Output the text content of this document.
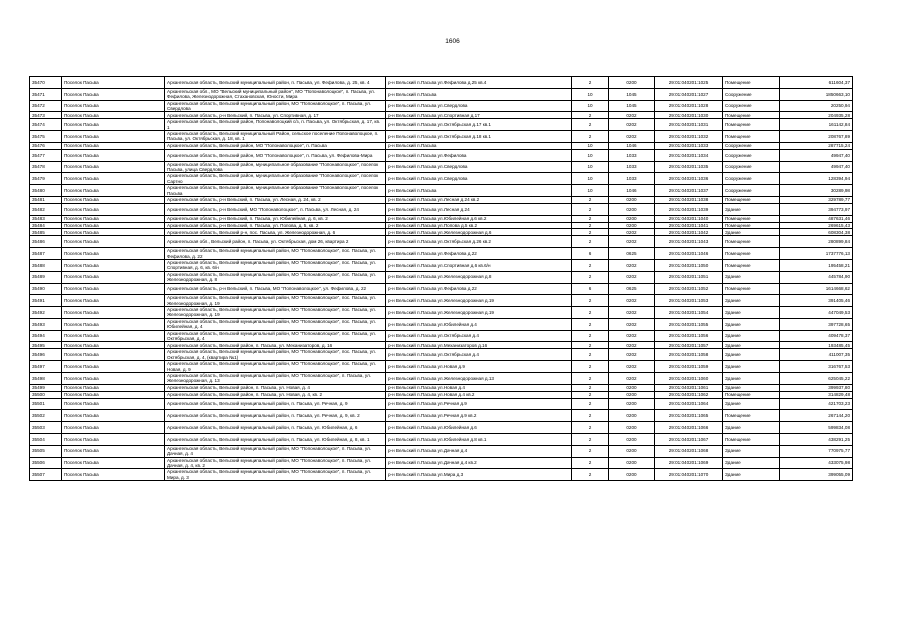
1606
35470	Поселок Пасьва	Архангельская область, Вельский муниципальный район, п. Пасьва, ул. Фефилова, д. 25, кв. 4	р-н Вельский п.Пасьва ул.Фефилова д.25 кв.4	2	0200	29:01:040201:1025	Помещение	611604,37
35471	Поселок Пасьва	Архангельская обл., МО "Вельский муниципальный район", МО "Попонаволоцкое", п. Пасьва, ул. Фефилова, Железнодорожная, Стахановская, Юности, Мира	р-н Вельский п.Пасьва	10	1045	29:01:040201:1027	Сооружение	1850663,10
35472	Поселок Пасьва	Архангельская область, Вельский муниципальный район, МО "Попонаволоцкое", п. Пасьва, ул. Свердлова	р-н Вельский п.Пасьва ул.Свердлова	10	1045	29:01:040201:1028	Сооружение	20250,94
35473	Поселок Пасьва	Архангельская область, р-н Вельский, п. Пасьва, ул. Спортивная, д. 17	р-н Вельский п.Пасьва ул.Спортивная д.17	2	0202	29:01:040201:1030	Помещение	204935,28
35474	Поселок Пасьва	Архангельская область, Вельский район, Попонаволоцкий с/з, п. Пасьва, ул. Октябрьская, д. 17, кв. 1	р-н Вельский п.Пасьва ул.Октябрьская д.17 кв.1	2	0202	29:01:040201:1031	Помещение	161142,84
35475	Поселок Пасьва	Архангельская область, Вельский муниципальный Район, сельское поселение Попонаволоцкое, п. Пасьва, ул. Октябрьская, д. 18, кв. 1	р-н Вельский п.Пасьва ул.Октябрьская д.18 кв.1	2	0202	29:01:040201:1032	Помещение	208767,89
35476	Поселок Пасьва	Архангельская область, Вельский район, МО "Попонаволоцкое", п. Пасьва	р-н Вельский п.Пасьва	10	1046	29:01:040201:1033	Сооружение	287715,24
35477	Поселок Пасьва	Архангельская область, Вельский район, МО "Попонаволоцкое", п. Пасьва, ул. Фефилова-Мира	р-н Вельский п.Пасьва ул.Фефилова	10	1033	29:01:040201:1034	Сооружение	49947,40
35478	Поселок Пасьва	Архангельская область, Вельский район, муниципальное образование "Попонаволоцкое", поселок Пасьва, улица Свердлова	р-н Вельский п.Пасьва ул.Свердлова	10	1033	29:01:040201:1035	Сооружение	49947,40
35479	Поселок Пасьва	Архангельская область, Вельский район, муниципальное образование "Попонаволоцкое", поселок Сартно	р-н Вельский п.Пасьва ул.Свердлова	10	1033	29:01:040201:1036	Сооружение	128394,94
35480	Поселок Пасьва	Архангельская область, Вельский район, муниципальное образование "Попонаволоцкое", поселок Пасьва	р-н Вельский п.Пасьва	10	1046	29:01:040201:1037	Сооружение	30289,98
35481	Поселок Пасьва	Архангельская область, р-н Вельский, п. Пасьва, ул. Лесная, д. 24, кв. 2	р-н Вельский п.Пасьва ул.Лесная д.24 кв.2	2	0200	29:01:040201:1038	Помещение	329789,77
35482	Поселок Пасьва	Архангельская область, р-н Вельский, МО "Попонаволоцкое", п. Пасьва, ул. Лесная, д. 24	р-н Вельский п.Пасьва ул.Лесная д.24	2	0200	29:01:040201:1039	Здание	394773,97
35483	Поселок Пасьва	Архангельская область, р-н Вельский, п. Пасьва, ул. Юбилейная, д. 6, кв. 2	р-н Вельский п.Пасьва ул.Юбилейная д.6 кв.2	2	0200	29:01:040201:1040	Помещение	487631,46
35484	Поселок Пасьва	Архангельская область, р-н Вельский, п. Пасьва, ул. Попова, д. 5, кв. 2	р-н Вельский п.Пасьва ул.Попова д.5 кв.2	2	0200	29:01:040201:1041	Помещение	269615,43
35485	Поселок Пасьва	Архангельская область, Вельский р-н, пос. Пасьва, ул. Железнодорожная, д. 6	р-н Вельский п.Пасьва ул.Железнодорожная д.6	2	0202	29:01:040201:1042	Здание	608304,38
35486	Поселок Пасьва	Архангельская обл., Вельский район, п. Пасьва, ул. Октябрьская, дом 26, квартира 2	р-н Вельский п.Пасьва ул.Октябрьская д.26 кв.2	2	0202	29:01:040201:1043	Помещение	280899,84
35487	Поселок Пасьва	Архангельская область, Вельский муниципальный район, МО "Попонаволоцкое", пос. Пасьва, ул. Фефилова, д. 22	р-н Вельский п.Пасьва ул.Фефилова д.22	6	0625	29:01:040201:1046	Помещение	1737776,13
35488	Поселок Пасьва	Архангельская область, Вельский муниципальный район, МО "Попонаволоцкое", пос. Пасьва, ул. Спортивная, д. 6, кв. 6/н	р-н Вельский п.Пасьва ул.Спортивная д.6 кв.6/н	2	0202	29:01:040201:1050	Помещение	195458,21
35489	Поселок Пасьва	Архангельская область, Вельский муниципальный район, МО "Попонаволоцкое", пос. Пасьва, ул. Железнодорожная, д. 8	р-н Вельский п.Пасьва ул.Железнодорожная д.8	2	0202	29:01:040201:1051	Здание	445784,90
35490	Поселок Пасьва	Архангельская область, р-н Вельский, п. Пасьва, МО "Попонаволоцкое", ул. Фефилова, д. 22	р-н Вельский п.Пасьва ул.Фефилова д.22	6	0625	29:01:040201:1052	Помещение	1614668,62
35491	Поселок Пасьва	Архангельская область, Вельский муниципальный район, МО "Попонаволоцкое", пос. Пасьва, ул. Железнодорожная, д. 19	р-н Вельский п.Пасьва ул.Железнодорожная д.19	2	0202	29:01:040201:1053	Здание	391405,46
35492	Поселок Пасьва	Архангельская область, Вельский муниципальный район, МО "Попонаволоцкое", пос. Пасьва, ул. Железнодорожная, д. 19	р-н Вельский п.Пасьва ул.Железнодорожная д.19	2	0202	29:01:040201:1054	Здание	447049,53
35493	Поселок Пасьва	Архангельская область, Вельский муниципальный район, МО "Попонаволоцкое", пос. Пасьва, ул. Юбилейная, д. 4	р-н Вельский п.Пасьва ул.Юбилейная д.4	2	0202	29:01:040201:1055	Здание	397728,65
35494	Поселок Пасьва	Архангельская область, Вельский муниципальный район, МО "Попонаволоцкое", пос. Пасьва, ул. Октябрьская, д. 4	р-н Вельский п.Пасьва ул.Октябрьская д.4	2	0202	29:01:040201:1056	Здание	409478,37
35495	Поселок Пасьва	Архангельская область, Вельский район, п. Пасьва, ул. Механизаторов, д. 16	р-н Вельский п.Пасьва ул.Механизаторов д.16	2	0202	29:01:040201:1057	Здание	193485,45
35496	Поселок Пасьва	Архангельская область, Вельский муниципальный район, МО "Попонаволоцкое", пос. Пасьва, ул. Октябрьская, д. 4, (квартира №1)	р-н Вельский п.Пасьва ул.Октябрьская д.4	2	0202	29:01:040201:1058	Здание	411007,35
35497	Поселок Пасьва	Архангельская область, Вельский муниципальный район, МО "Попонаволоцкое", пос. Пасьва, ул. Новая, д. 9	р-н Вельский п.Пасьва ул.Новая д.9	2	0202	29:01:040201:1059	Здание	316767,53
35498	Поселок Пасьва	Архангельская область, Вельский муниципальный район, МО "Попонаволоцкое", п. Пасьва, ул. Железнодорожная, д. 13	р-н Вельский п.Пасьва ул.Железнодорожная д.13	2	0202	29:01:040201:1060	Здание	625045,22
35499	Поселок Пасьва	Архангельская область, Вельский район, п. Пасьва, ул. Новая, д. 4	р-н Вельский п.Пасьва ул.Новая д.4	2	0200	29:01:040201:1061	Здание	399937,80
35500	Поселок Пасьва	Архангельская область, Вельский район, п. Пасьва, ул. Новая, д. 4, кв. 2	р-н Вельский п.Пасьва ул.Новая д.4 кв.2	2	0200	29:01:040201:1062	Помещение	314829,48
35501	Поселок Пасьва	Архангельская область, Вельский муниципальный район, п. Пасьва, ул. Речная, д. 9	р-н Вельский п.Пасьва ул.Речная д.9	2	0200	29:01:040201:1064	Здание	421703,23
35502	Поселок Пасьва	Архангельская область, Вельский муниципальный район, п. Пасьва, ул. Речная, д. 9, кв. 2	р-н Вельский п.Пасьва ул.Речная д.9 кв.2	2	0200	29:01:040201:1065	Помещение	267144,20
35503	Поселок Пасьва	Архангельская область, Вельский муниципальный район, п. Пасьва, ул. Юбилейная, д. 6	р-н Вельский п.Пасьва ул.Юбилейная д.6	2	0200	29:01:040201:1066	Здание	599834,08
35504	Поселок Пасьва	Архангельская область, Вельский муниципальный район, п. Пасьва, ул. Юбилейная, д. 8, кв. 1	р-н Вельский п.Пасьва ул.Юбилейная д.8 кв.1	2	0200	29:01:040201:1067	Помещение	438291,25
35505	Поселок Пасьва	Архангельская область, Вельский муниципальный район, МО "Попонаволоцкое", п. Пасьва, ул. Дачная, д. 4	р-н Вельский п.Пасьва ул.Дачная д.4	2	0200	29:01:040201:1068	Здание	770975,77
35506	Поселок Пасьва	Архангельская область, Вельский муниципальный район, МО "Попонаволоцкое", п. Пасьва, ул. Дачная, д. 4, кв. 2	р-н Вельский п.Пасьва ул.Дачная д.4 кв.2	2	0200	29:01:040201:1069	Здание	433075,98
35507	Поселок Пасьва	Архангельская область, Вельский муниципальный район, МО "Попонаволоцкое", п. Пасьва, ул. Мира, д. 3	р-н Вельский п.Пасьва ул.Мира д.3	2	0200	29:01:040201:1070	Здание	399055,09
